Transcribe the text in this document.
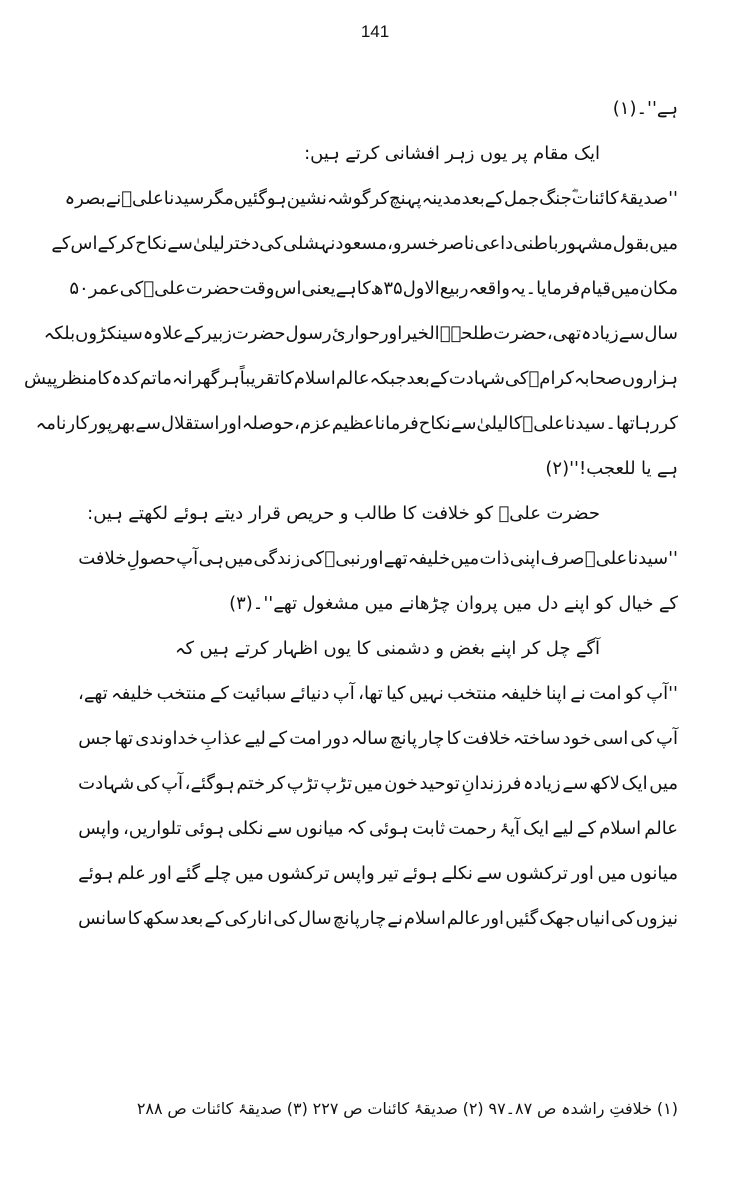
141
ہے''۔(۱)
ایک
مقام
پر
یوں
زہر
افشانی
کرتے
ہیں:
''صدیقۂ
کائنات
جنگ
جمل
کے
بعد
مدینہ
پہنچ
کر
گوشہ
نشین
ہوگئیں
مگر
سیدنا
علیؓ
نے
بصرہ
میں
بقول
مشہور
باطنی
داعی
ناصر
خسرو،
مسعود
نہشلی
کی
دختر
لیلیٰ
سے
نکاح
کر
کے
اس
کے
مکان
میں
قیام
فرمایا۔
یہ
واقعہ
ربیع
الاول
۳۵ھ
کا
ہے
یعنی
اس
وقت
حضرت
علیؓ
کی
عمر
۵۰
سال
سے
زیادہ
تھی،
حضرت
طلحہؓ
الخیر
اور
حواریٔ
رسول
حضرت
زبیر
کے
علاوہ
سینکڑوں
بلکہ
ہزاروں
صحابہ
کرامؓ
کی
شہادت
کے
بعد
جبکہ
عالم
اسلام
کا
تقریباً
ہر
گھرانہ
ماتم
کدہ
کا
منظر
پیش
کر
رہا
تھا۔
سیدنا
علیؓ
کا
لیلیٰ
سے
نکاح
فرمانا
عظیم
عزم،
حوصلہ
اور
استقلال
سے
بھرپور
کارنامہ
ہے
یا
للعجب!''(۲)
حضرت
علیؓ
کو
خلافت
کا
طالب
و
حریص
قرار
دیتے
ہوئے
لکھتے
ہیں:
''سیدنا
علیؓ
صرف
اپنی
ذات
میں
خلیفہ
تھے
اور
نبیؐ
کی
زندگی
میں
ہی
آپ
حصولِ
خلافت
کے
خیال
کو
اپنے
دل
میں
پروان
چڑھانے
میں
مشغول
تھے''۔(۳)
آگے
چل
کر
اپنے
بغض
و
دشمنی
کا
یوں
اظہار
کرتے
ہیں
کہ
''آپ
کو
امت
نے
اپنا
خلیفہ
منتخب
نہیں
کیا
تھا،
آپ
دنیائے
سبائیت
کے
منتخب
خلیفہ
تھے،
آپ
کی
اسی
خود
ساختہ
خلافت
کا
چار
پانچ
سالہ
دور
امت
کے
لیے
عذابِ
خداوندی
تھا
جس
میں
ایک
لاکھ
سے
زیادہ
فرزندانِ
توحید
خون
میں
تڑپ
تڑپ
کر
ختم
ہوگئے،
آپ
کی
شہادت
عالم
اسلام
کے
لیے
ایک
آیۂ
رحمت
ثابت
ہوئی
کہ
میانوں
سے
نکلی
ہوئی
تلواریں،
واپس
میانوں
میں
اور
ترکشوں
سے
نکلے
ہوئے
تیر
واپس
ترکشوں
میں
چلے
گئے
اور
علم
ہوئے
نیزوں
کی
انیاں
جھک
گئیں
اور
عالم
اسلام
نے
چار
پانچ
سال
کی
انارکی
کے
بعد
سکھ
کا
سانس
(۱)
خلافتِ
راشدہ
ص
۸۷۔۹۷
(۲)
صدیقۂ
کائنات
ص
۲۲۷
(۳)
صدیقۂ
کائنات
ص
۲۸۸
